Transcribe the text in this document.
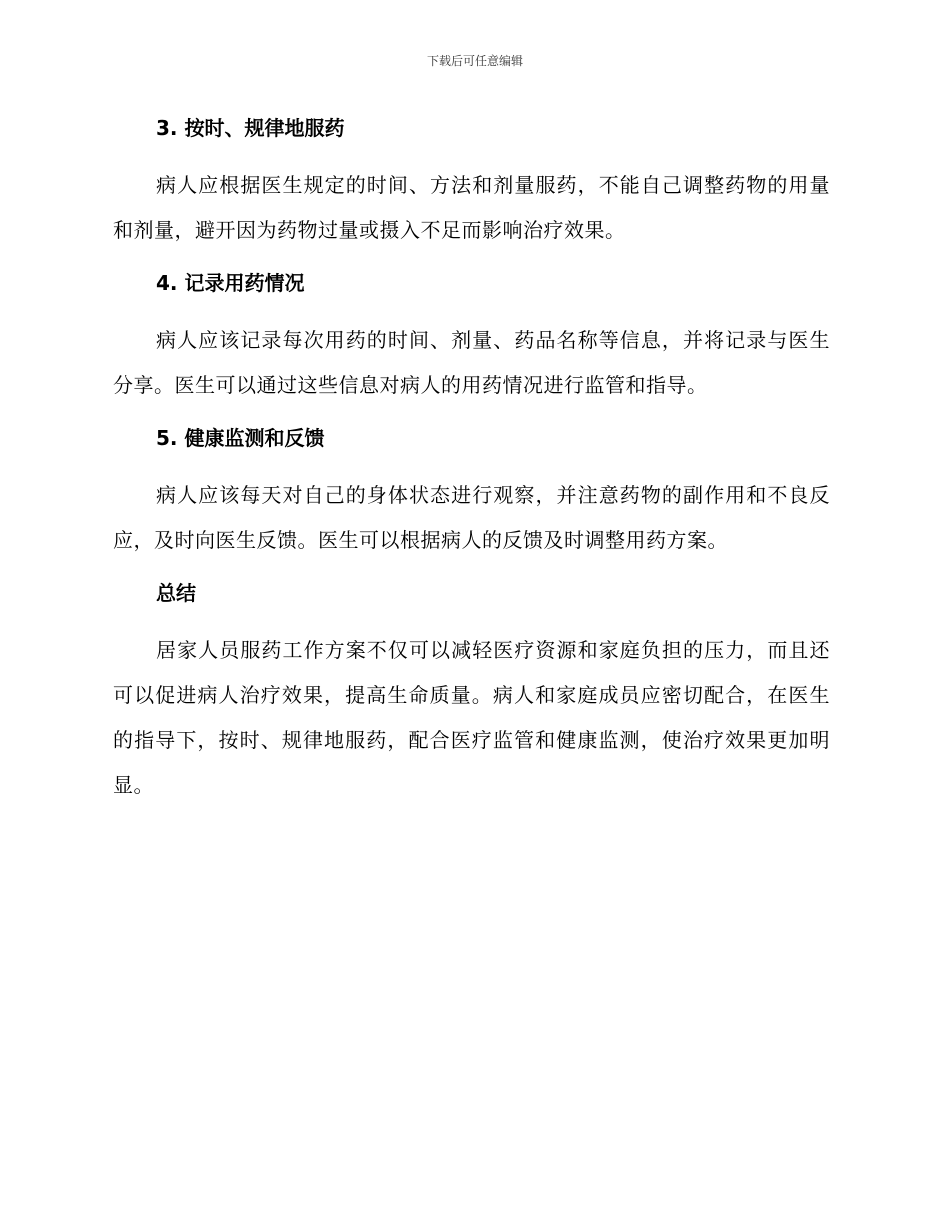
下载后可任意编辑
3. 按时、规律地服药

病人应根据医生规定的时间、方法和剂量服药，不能自己调整药物的用量和剂量，避开因为药物过量或摄入不足而影响治疗效果。

4. 记录用药情况

病人应该记录每次用药的时间、剂量、药品名称等信息，并将记录与医生分享。医生可以通过这些信息对病人的用药情况进行监管和指导。

5. 健康监测和反馈

病人应该每天对自己的身体状态进行观察，并注意药物的副作用和不良反应，及时向医生反馈。医生可以根据病人的反馈及时调整用药方案。

总结

居家人员服药工作方案不仅可以减轻医疗资源和家庭负担的压力，而且还可以促进病人治疗效果，提高生命质量。病人和家庭成员应密切配合，在医生的指导下，按时、规律地服药，配合医疗监管和健康监测，使治疗效果更加明显。
